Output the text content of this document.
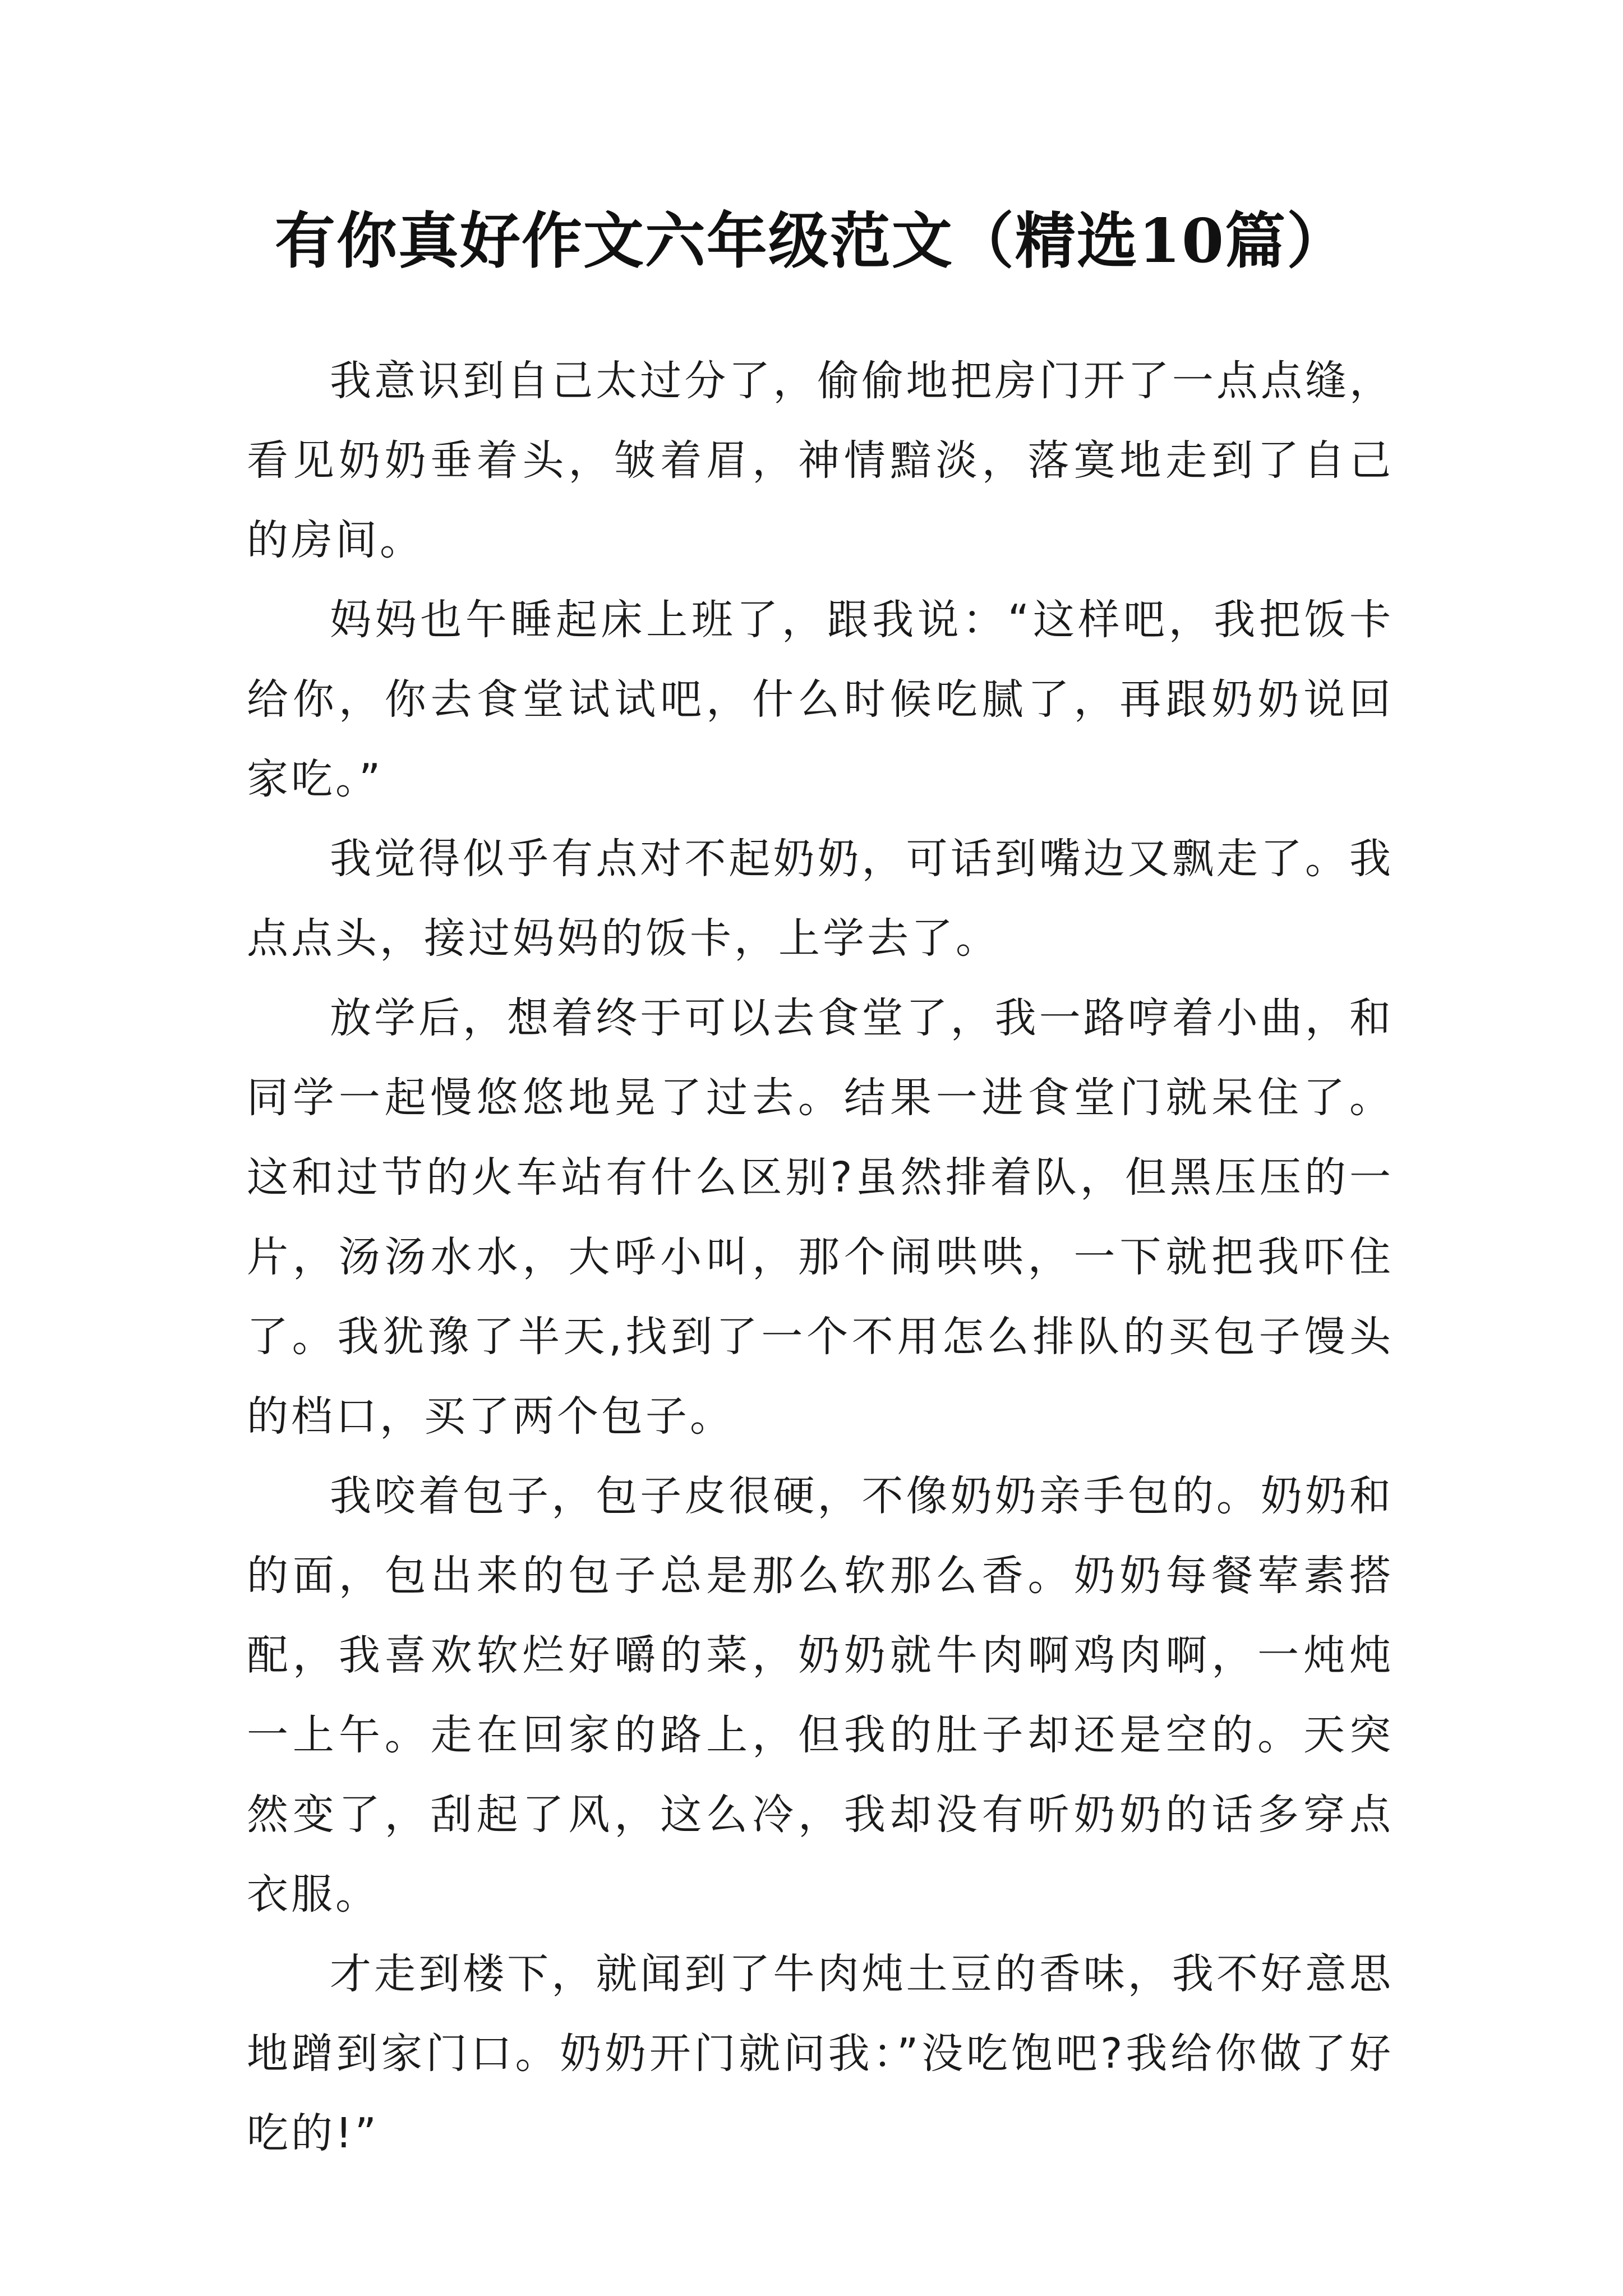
有你真好作文六年级范文（精选10篇）

我意识到自己太过分了，偷偷地把房门开了一点点缝，看见奶奶垂着头，皱着眉，神情黯淡，落寞地走到了自己的房间。

妈妈也午睡起床上班了，跟我说：“这样吧，我把饭卡给你，你去食堂试试吧，什么时候吃腻了，再跟奶奶说回家吃。”

我觉得似乎有点对不起奶奶，可话到嘴边又飘走了。我点点头，接过妈妈的饭卡，上学去了。

放学后，想着终于可以去食堂了，我一路哼着小曲，和同学一起慢悠悠地晃了过去。结果一进食堂门就呆住了。这和过节的火车站有什么区别?虽然排着队，但黑压压的一片，汤汤水水，大呼小叫，那个闹哄哄，一下就把我吓住了。我犹豫了半天,找到了一个不用怎么排队的买包子馒头的档口，买了两个包子。

我咬着包子，包子皮很硬，不像奶奶亲手包的。奶奶和的面，包出来的包子总是那么软那么香。奶奶每餐荤素搭配，我喜欢软烂好嚼的菜，奶奶就牛肉啊鸡肉啊，一炖炖一上午。走在回家的路上，但我的肚子却还是空的。天突然变了，刮起了风，这么冷，我却没有听奶奶的话多穿点衣服。

才走到楼下，就闻到了牛肉炖土豆的香味，我不好意思地蹭到家门口。奶奶开门就问我：”没吃饱吧?我给你做了好吃的!”
